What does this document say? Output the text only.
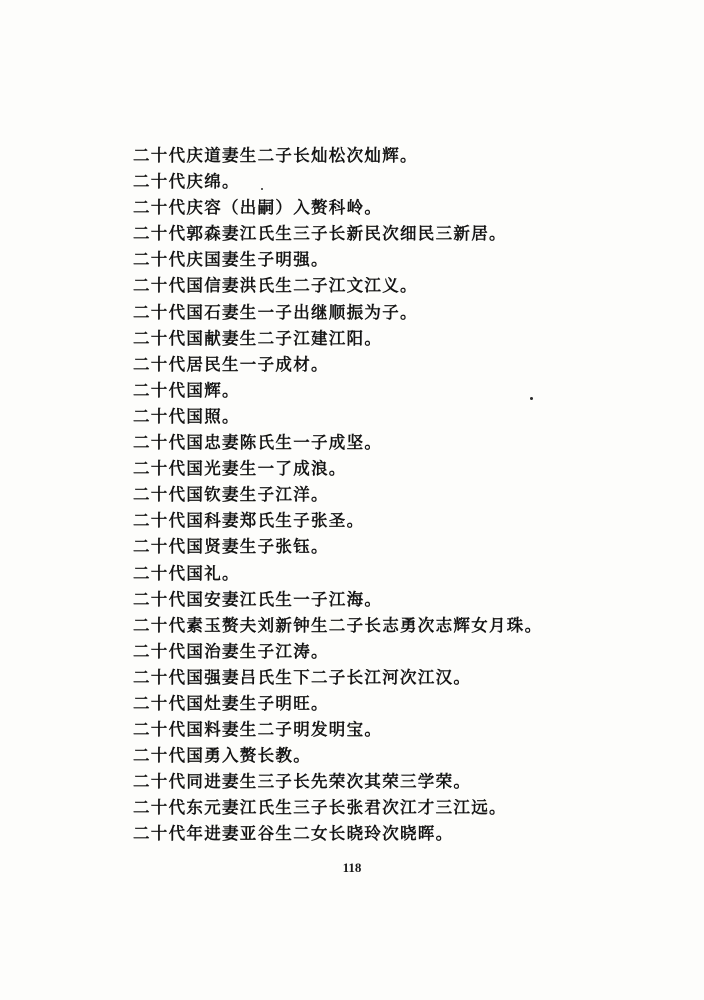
二十代庆道妻生二子长灿松次灿辉。
二十代庆绵。
二十代庆容（出嗣）入赘科岭。
二十代郭森妻江氏生三子长新民次细民三新居。
二十代庆国妻生子明强。
二十代国信妻洪氏生二子江文江义。
二十代国石妻生一子出继顺振为子。
二十代国献妻生二子江建江阳。
二十代居民生一子成材。
二十代国辉。
二十代国照。
二十代国忠妻陈氏生一子成坚。
二十代国光妻生一了成浪。
二十代国钦妻生子江洋。
二十代国科妻郑氏生子张圣。
二十代国贤妻生子张钰。
二十代国礼。
二十代国安妻江氏生一子江海。
二十代素玉赘夫刘新钟生二子长志勇次志辉女月珠。
二十代国治妻生子江涛。
二十代国强妻吕氏生下二子长江河次江汉。
二十代国灶妻生子明旺。
二十代国料妻生二子明发明宝。
二十代国勇入赘长教。
二十代同进妻生三子长先荣次其荣三学荣。
二十代东元妻江氏生三子长张君次江才三江远。
二十代年进妻亚谷生二女长晓玲次晓晖。
118
